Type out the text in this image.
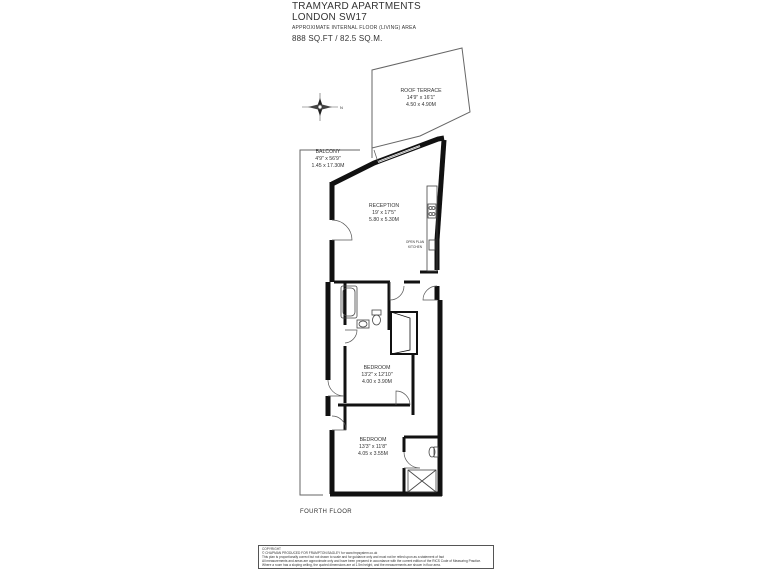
TRAMYARD APARTMENTS
LONDON SW17
APPROXIMATE INTERNAL FLOOR (LIVING) AREA
888 SQ.FT / 82.5 SQ.M.
N
ROOF TERRACE
14'9" x 16'1"
4.50 x 4.90M
BALCONY
4'9" x 56'9"
1.45 x 17.30M
RECEPTION
19' x 17'5"
5.80 x 5.30M
OPEN PLAN
KITCHEN
BEDROOM
13'2" x 12'10"
4.00 x 3.90M
BEDROOM
13'3" x 11'8"
4.05 x 3.55M
FOURTH FLOOR
COPYRIGHT
© CHAPMAN PRODUCED FOR FRAMPTON BAGLEY for www.fmpsystem.co.uk
This plan is proportionally correct but not drawn to scale and for guidance only and must not be relied upon as a statement of fact
All measurements and areas are approximate only and have been prepared in accordance with the current edition of the RICS Code of Measuring Practice.
Where a room has a sloping ceiling, the quoted dimensions are at 1.5m height, and the measurements are shown in floor area.
